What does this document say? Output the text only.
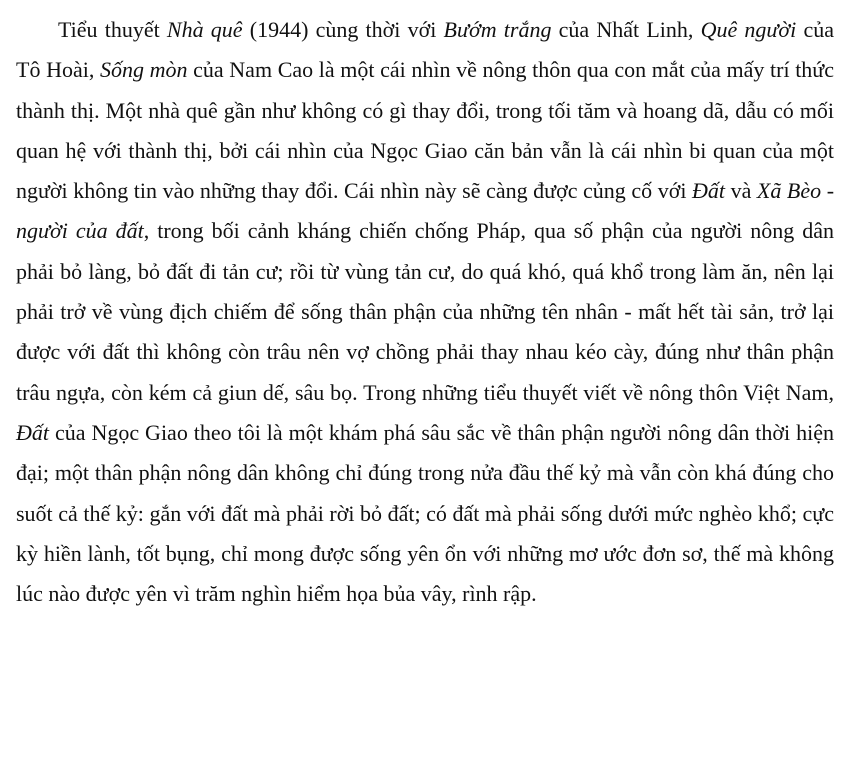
Tiểu thuyết Nhà quê (1944) cùng thời với Bướm trắng của Nhất Linh, Quê người của Tô Hoài, Sống mòn của Nam Cao là một cái nhìn về nông thôn qua con mắt của mấy trí thức thành thị. Một nhà quê gần như không có gì thay đổi, trong tối tăm và hoang dã, dẫu có mối quan hệ với thành thị, bởi cái nhìn của Ngọc Giao căn bản vẫn là cái nhìn bi quan của một người không tin vào những thay đổi. Cái nhìn này sẽ càng được củng cố với Đất và Xã Bèo - người của đất, trong bối cảnh kháng chiến chống Pháp, qua số phận của người nông dân phải bỏ làng, bỏ đất đi tản cư; rồi từ vùng tản cư, do quá khó, quá khổ trong làm ăn, nên lại phải trở về vùng địch chiếm để sống thân phận của những tên nhân - mất hết tài sản, trở lại được với đất thì không còn trâu nên vợ chồng phải thay nhau kéo cày, đúng như thân phận trâu ngựa, còn kém cả giun dế, sâu bọ. Trong những tiểu thuyết viết về nông thôn Việt Nam, Đất của Ngọc Giao theo tôi là một khám phá sâu sắc về thân phận người nông dân thời hiện đại; một thân phận nông dân không chỉ đúng trong nửa đầu thế kỷ mà vẫn còn khá đúng cho suốt cả thế kỷ: gắn với đất mà phải rời bỏ đất; có đất mà phải sống dưới mức nghèo khổ; cực kỳ hiền lành, tốt bụng, chỉ mong được sống yên ổn với những mơ ước đơn sơ, thế mà không lúc nào được yên vì trăm nghìn hiểm họa bủa vây, rình rập.
